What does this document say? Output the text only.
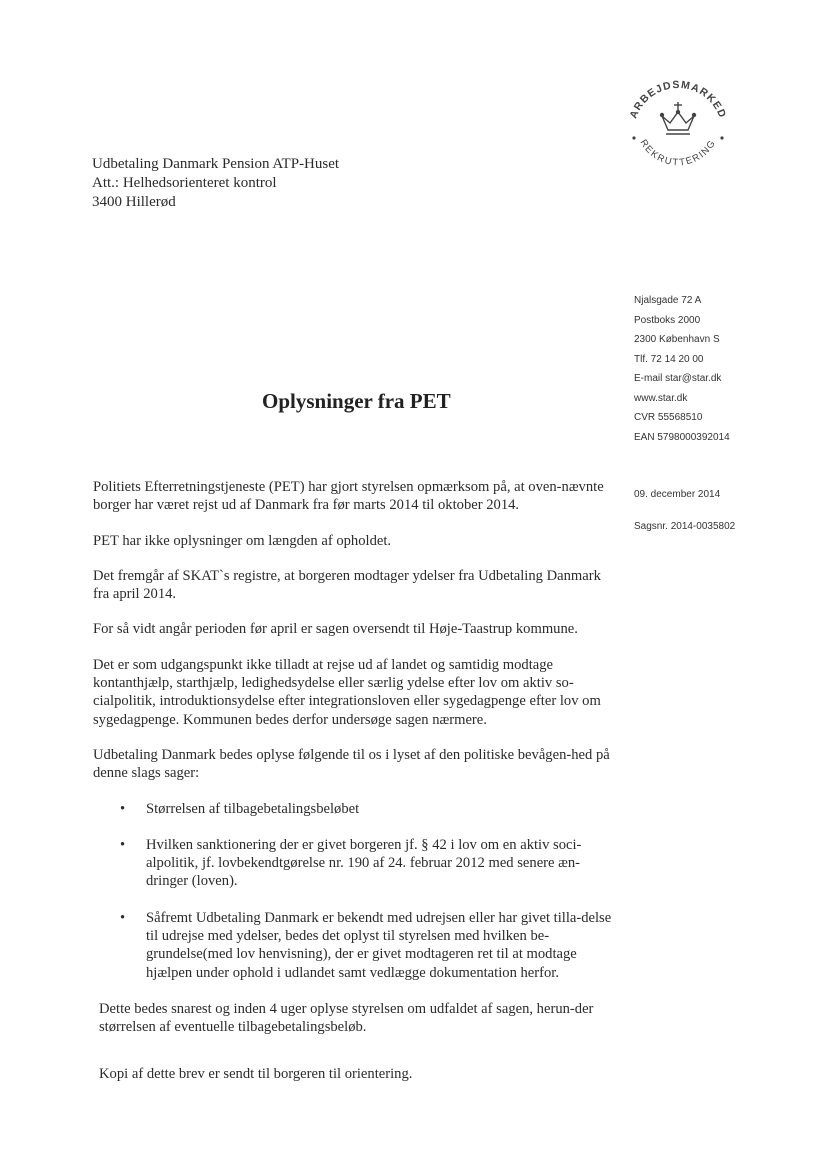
Udbetaling Danmark Pension ATP-Huset
Att.: Helhedsorienteret kontrol
3400 Hillerød
ARBEJDSMARKED
REKRUTTERING
Njalsgade 72 A
Postboks 2000
2300 København S
Tlf. 72 14 20 00
E-mail star@star.dk
www.star.dk
CVR 55568510
EAN 5798000392014
09. december 2014
Sagsnr. 2014-0035802
Oplysninger fra PET

Politiets Efterretningstjeneste (PET) har gjort styrelsen opmærksom på, at oven-nævnte borger har været rejst ud af Danmark fra før marts 2014 til oktober 2014.

PET har ikke oplysninger om længden af opholdet.

Det fremgår af SKAT`s registre, at borgeren modtager ydelser fra Udbetaling Danmark fra april 2014.

For så vidt angår perioden før april er sagen oversendt til Høje-Taastrup kommune.

Det er som udgangspunkt ikke tilladt at rejse ud af landet og samtidig modtage kontanthjælp, starthjælp, ledighedsydelse eller særlig ydelse efter lov om aktiv so-cialpolitik, introduktionsydelse efter integrationsloven eller sygedagpenge efter lov om sygedagpenge. Kommunen bedes derfor undersøge sagen nærmere.

Udbetaling Danmark bedes oplyse følgende til os i lyset af den politiske bevågen-hed på denne slags sager:

• Størrelsen af tilbagebetalingsbeløbet
• Hvilken sanktionering der er givet borgeren jf. § 42 i lov om en aktiv soci-alpolitik, jf. lovbekendtgørelse nr. 190 af 24. februar 2012 med senere æn-dringer (loven).
• Såfremt Udbetaling Danmark er bekendt med udrejsen eller har givet tilla-delse til udrejse med ydelser, bedes det oplyst til styrelsen med hvilken be-grundelse(med lov henvisning), der er givet modtageren ret til at modtage hjælpen under ophold i udlandet samt vedlægge dokumentation herfor.

Dette bedes snarest og inden 4 uger oplyse styrelsen om udfaldet af sagen, herun-der størrelsen af eventuelle tilbagebetalingsbeløb.

Kopi af dette brev er sendt til borgeren til orientering.
